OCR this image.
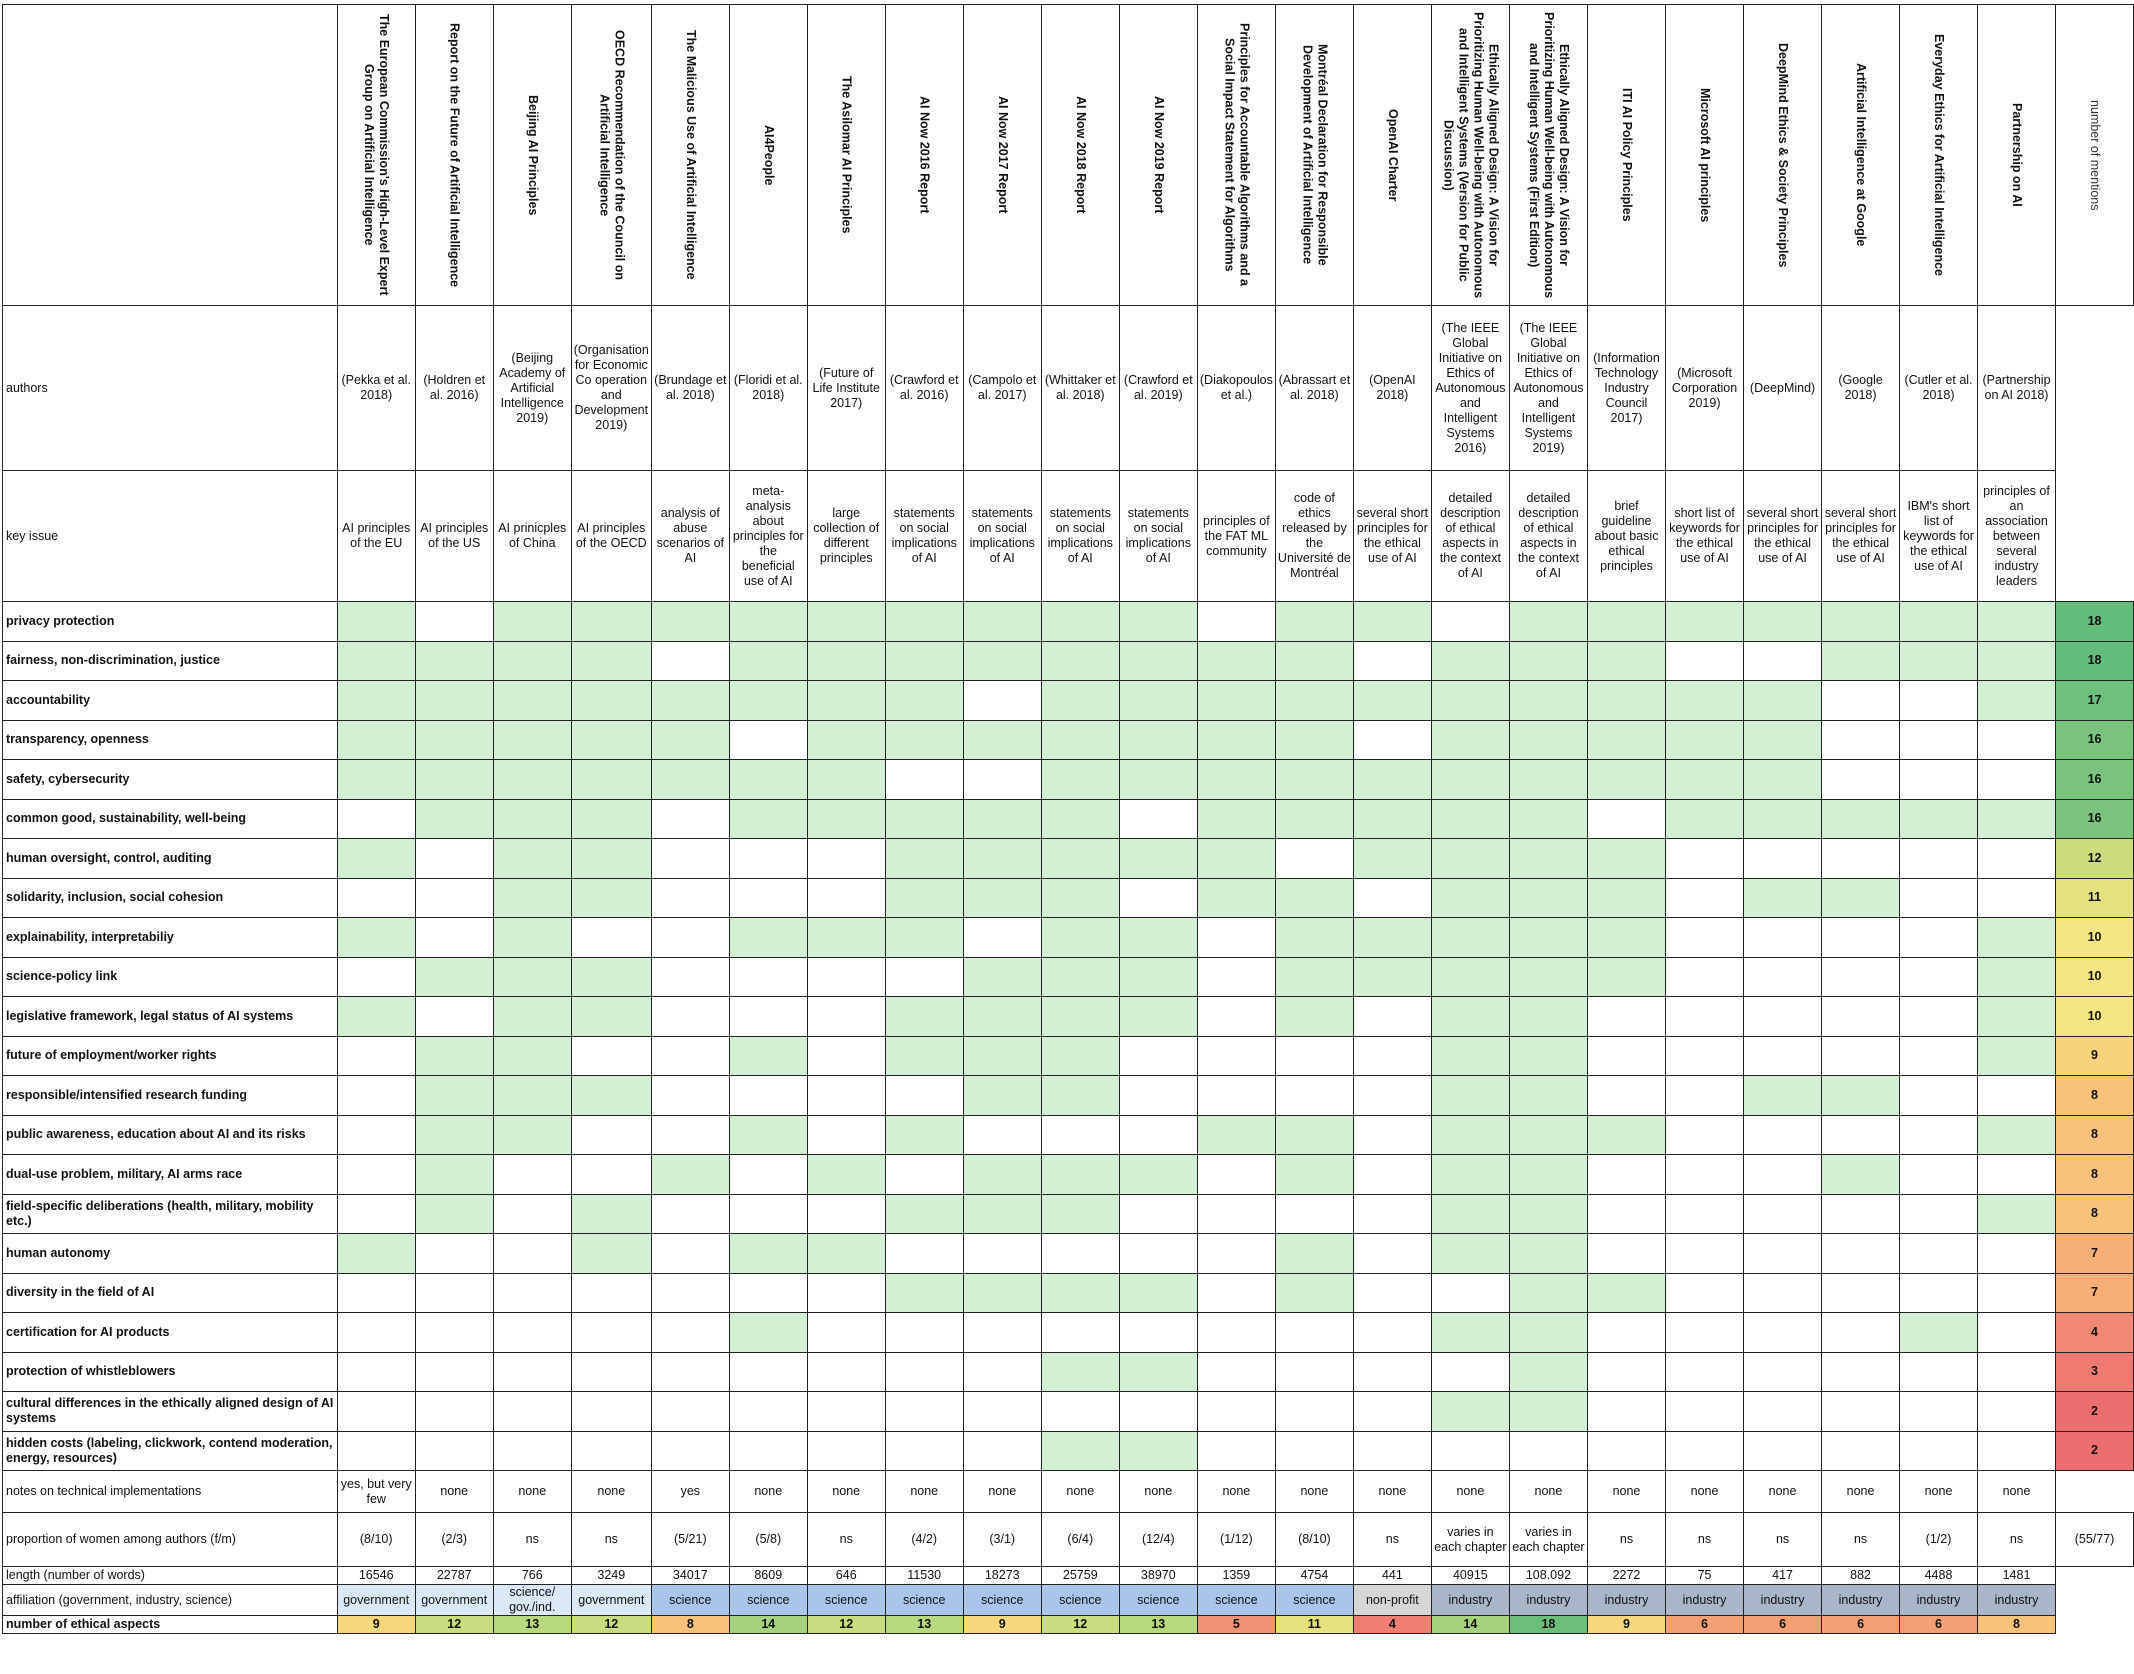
	The European Commission's High-Level Expert Group on Artificial Intelligence	Report on the Future of Artificial Intelligence	Beijing AI Principles	OECD Recommendation of the Council on Artificial Intelligence	The Malicious Use of Artificial Intelligence	AI4People	The Asilomar AI Principles	AI Now 2016 Report	AI Now 2017 Report	AI Now 2018 Report	AI Now 2019 Report	Principles for Accountable Algorithms and a Social Impact Statement for Algorithms	Montréal Declaration for Responsible Development of Artificial Intelligence	OpenAI Charter	Ethically Aligned Design: A Vision for Prioritizing Human Well-being with Autonomous and Intelligent Systems (Version for Public Discussion)	Ethically Aligned Design: A Vision for Prioritizing Human Well-being with Autonomous and Intelligent Systems (First Edition)	ITI AI Policy Principles	Microsoft AI principles	DeepMind Ethics & Society Principles	Artificial Intelligence at Google	Everyday Ethics for Artificial Intelligence	Partnership on AI	number of mentions

authors	(Pekka et al. 2018)	(Holdren et al. 2016)	(Beijing Academy of Artificial Intelligence 2019)	(Organisation for Economic Co operation and Development 2019)	(Brundage et al. 2018)	(Floridi et al. 2018)	(Future of Life Institute 2017)	(Crawford et al. 2016)	(Campolo et al. 2017)	(Whittaker et al. 2018)	(Crawford et al. 2019)	(Diakopoulos et al.)	(Abrassart et al. 2018)	(OpenAI 2018)	(The IEEE Global Initiative on Ethics of Autonomous and Intelligent Systems 2016)	(The IEEE Global Initiative on Ethics of Autonomous and Intelligent Systems 2019)	(Information Technology Industry Council 2017)	(Microsoft Corporation 2019)	(DeepMind)	(Google 2018)	(Cutler et al. 2018)	(Partnership on AI 2018)	
key issue	AI principles of the EU	AI principles of the US	AI prinicples of China	AI principles of the OECD	analysis of abuse scenarios of AI	meta-analysis about principles for the beneficial use of AI	large collection of different principles	statements on social implications of AI	statements on social implications of AI	statements on social implications of AI	statements on social implications of AI	principles of the FAT ML community	code of ethics released by the Université de Montréal	several short principles for the ethical use of AI	detailed description of ethical aspects in the context of AI	detailed description of ethical aspects in the context of AI	brief guideline about basic ethical principles	short list of keywords for the ethical use of AI	several short principles for the ethical use of AI	several short principles for the ethical use of AI	IBM's short list of keywords for the ethical use of AI	principles of an association between several industry leaders	
privacy protection																							18
fairness, non-discrimination, justice																							18
accountability																							17
transparency, openness																							16
safety, cybersecurity																							16
common good, sustainability, well-being																							16
human oversight, control, auditing																							12
solidarity, inclusion, social cohesion																							11
explainability, interpretabiliy																							10
science-policy link																							10
legislative framework, legal status of AI systems																							10
future of employment/worker rights																							9
responsible/intensified research funding																							8
public awareness, education about AI and its risks																							8
dual-use problem, military, AI arms race																							8
field-specific deliberations (health, military, mobility etc.)																							8
human autonomy																							7
diversity in the field of AI																							7
certification for AI products																							4
protection of whistleblowers																							3
cultural differences in the ethically aligned design of AI systems																							2
hidden costs (labeling, clickwork, contend moderation, energy, resources)																							2
notes on technical implementations	yes, but very few	none	none	none	yes	none	none	none	none	none	none	none	none	none	none	none	none	none	none	none	none	none	
proportion of women among authors (f/m)	(8/10)	(2/3)	ns	ns	(5/21)	(5/8)	ns	(4/2)	(3/1)	(6/4)	(12/4)	(1/12)	(8/10)	ns	varies in each chapter	varies in each chapter	ns	ns	ns	ns	(1/2)	ns	(55/77)
length (number of words)	16546	22787	766	3249	34017	8609	646	11530	18273	25759	38970	1359	4754	441	40915	108.092	2272	75	417	882	4488	1481	
affiliation (government, industry, science)	government	government	science/ gov./ind.	government	science	science	science	science	science	science	science	science	science	non-profit	industry	industry	industry	industry	industry	industry	industry	industry	
number of ethical aspects	9	12	13	12	8	14	12	13	9	12	13	5	11	4	14	18	9	6	6	6	6	8	
